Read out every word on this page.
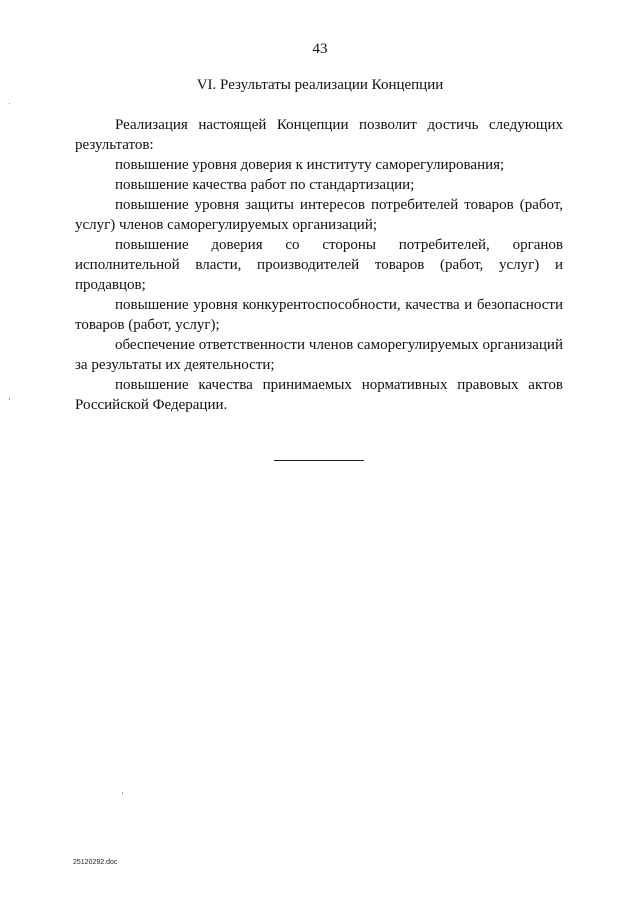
43
VI. Результаты реализации Концепции

Реализация настоящей Концепции позволит достичь следующих результатов:

повышение уровня доверия к институту саморегулирования;

повышение качества работ по стандартизации;

повышение уровня защиты интересов потребителей товаров (работ, услуг) членов саморегулируемых организаций;

повышение доверия со стороны потребителей, органов исполнительной власти, производителей товаров (работ, услуг) и продавцов;

повышение уровня конкурентоспособности, качества и безопасности товаров (работ, услуг);

обеспечение ответственности членов саморегулируемых организаций за результаты их деятельности;

повышение качества принимаемых нормативных правовых актов Российской Федерации.

25120292.doc
